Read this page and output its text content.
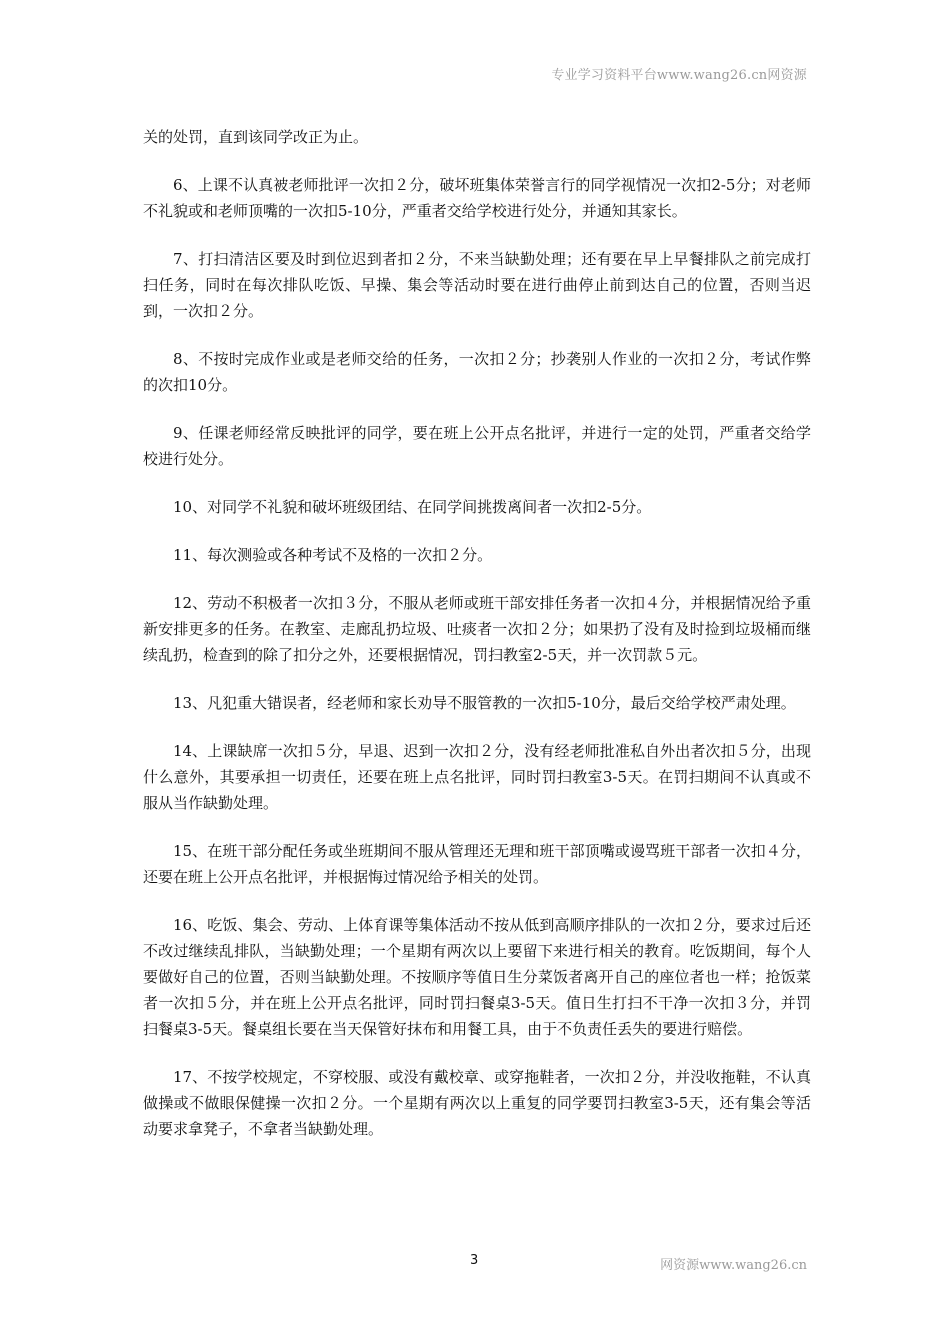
专业学习资料平台www.wang26.cn网资源

关的处罚，直到该同学改正为止。

6、上课不认真被老师批评一次扣２分，破坏班集体荣誉言行的同学视情况一次扣2-5分；对老师不礼貌或和老师顶嘴的一次扣5-10分，严重者交给学校进行处分，并通知其家长。

7、打扫清洁区要及时到位迟到者扣２分，不来当缺勤处理；还有要在早上早餐排队之前完成打扫任务，同时在每次排队吃饭、早操、集会等活动时要在进行曲停止前到达自己的位置，否则当迟到，一次扣２分。

8、不按时完成作业或是老师交给的任务，一次扣２分；抄袭别人作业的一次扣２分，考试作弊的次扣10分。

9、任课老师经常反映批评的同学，要在班上公开点名批评，并进行一定的处罚，严重者交给学校进行处分。

10、对同学不礼貌和破坏班级团结、在同学间挑拨离间者一次扣2-5分。

11、每次测验或各种考试不及格的一次扣２分。

12、劳动不积极者一次扣３分，不服从老师或班干部安排任务者一次扣４分，并根据情况给予重新安排更多的任务。在教室、走廊乱扔垃圾、吐痰者一次扣２分；如果扔了没有及时捡到垃圾桶而继续乱扔，检查到的除了扣分之外，还要根据情况，罚扫教室2-5天，并一次罚款５元。

13、凡犯重大错误者，经老师和家长劝导不服管教的一次扣5-10分，最后交给学校严肃处理。

14、上课缺席一次扣５分，早退、迟到一次扣２分，没有经老师批准私自外出者次扣５分，出现什么意外，其要承担一切责任，还要在班上点名批评，同时罚扫教室3-5天。在罚扫期间不认真或不服从当作缺勤处理。

15、在班干部分配任务或坐班期间不服从管理还无理和班干部顶嘴或谩骂班干部者一次扣４分，还要在班上公开点名批评，并根据悔过情况给予相关的处罚。

16、吃饭、集会、劳动、上体育课等集体活动不按从低到高顺序排队的一次扣２分，要求过后还不改过继续乱排队，当缺勤处理；一个星期有两次以上要留下来进行相关的教育。吃饭期间，每个人要做好自己的位置，否则当缺勤处理。不按顺序等值日生分菜饭者离开自己的座位者也一样；抢饭菜者一次扣５分，并在班上公开点名批评，同时罚扫餐桌3-5天。值日生打扫不干净一次扣３分，并罚扫餐桌3-5天。餐桌组长要在当天保管好抹布和用餐工具，由于不负责任丢失的要进行赔偿。

17、不按学校规定，不穿校服、或没有戴校章、或穿拖鞋者，一次扣２分，并没收拖鞋，不认真做操或不做眼保健操一次扣２分。一个星期有两次以上重复的同学要罚扫教室3-5天，还有集会等活动要求拿凳子，不拿者当缺勤处理。

3	网资源www.wang26.cn
